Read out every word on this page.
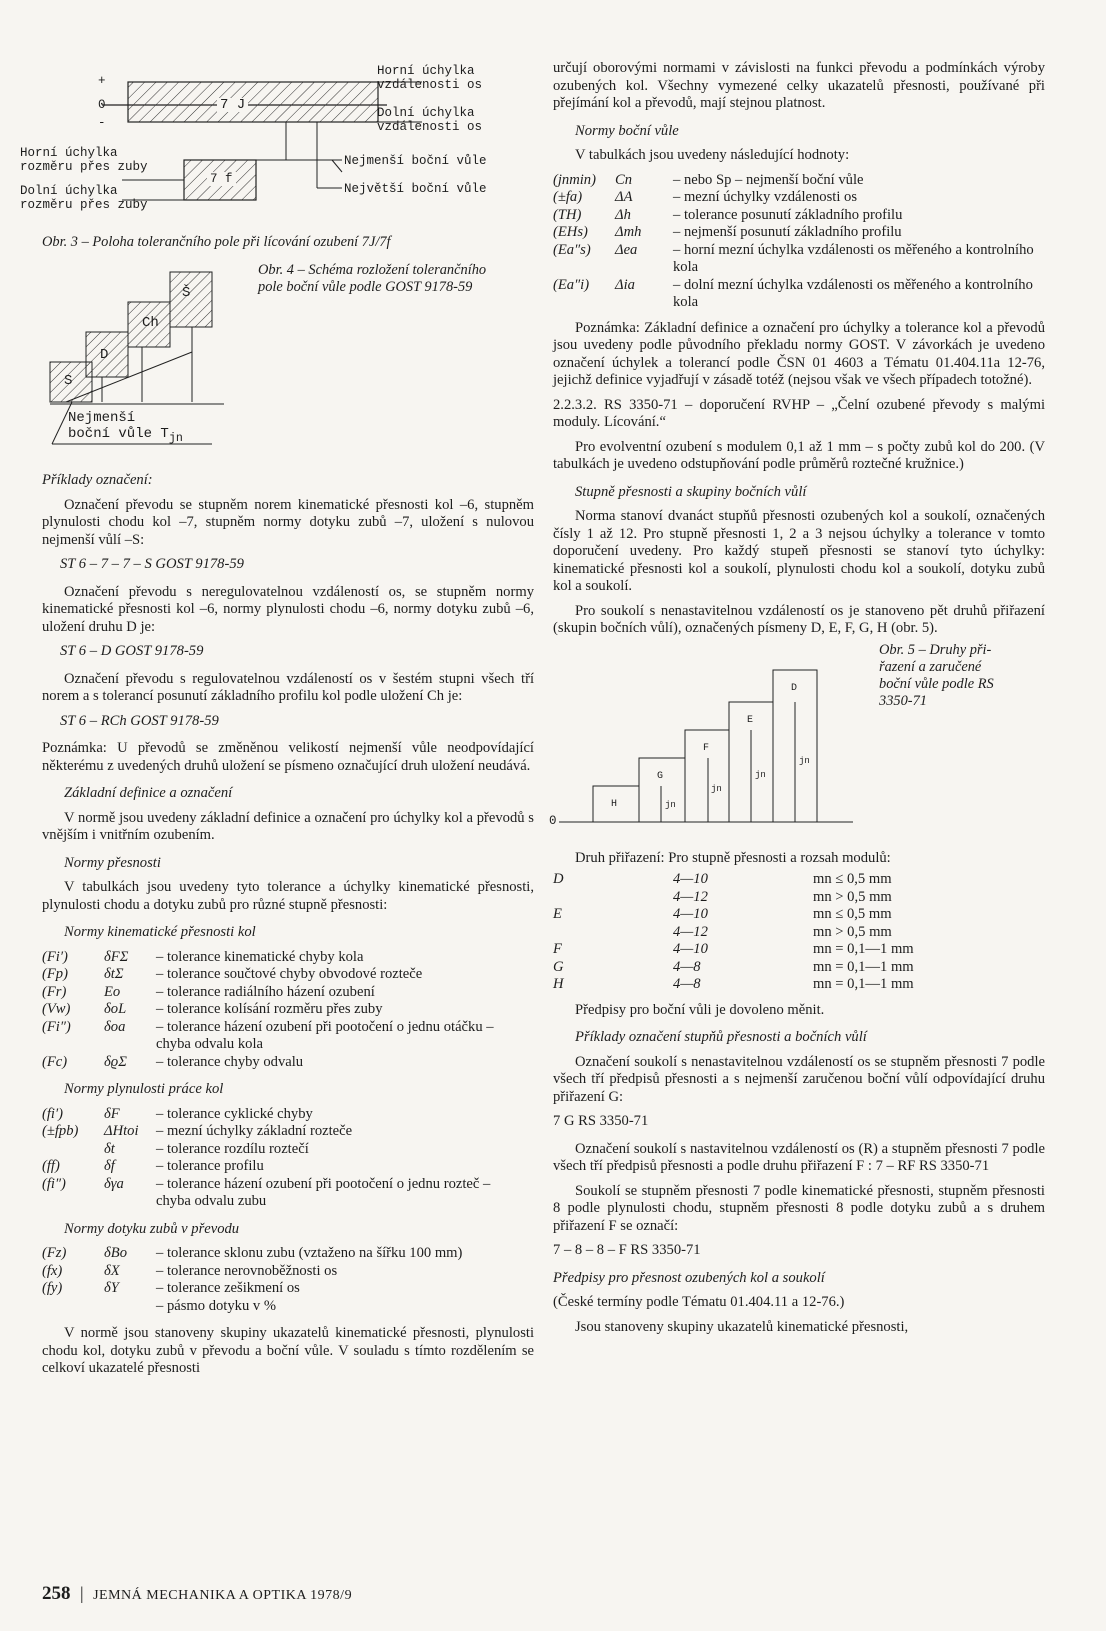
+
0
-
7 J
7 f
Horní úchylka
vzdálenosti os
Dolní úchylka
vzdálenosti os
Horní úchylka
rozměru přes zuby
Dolní úchylka
rozměru přes zuby
Nejmenší boční vůle
Největší boční vůle
Obr. 3 – Poloha tolerančního pole při lícování ozubení 7J/7f
S
D
Ch
Š
Nejmenší
boční vůle $T_{jn}$
Obr. 4 – Schéma rozložení tolerančního pole boční vůle podle GOST 9178-59

Příklady označení:

Označení převodu se stupněm norem kinematické přesnosti kol –6, stupněm plynulosti chodu kol –7, stupněm normy dotyku zubů –7, uložení s nulovou nejmenší vůlí –S:

ST 6 – 7 – 7 – S GOST 9178-59

Označení převodu s neregulovatelnou vzdáleností os, se stupněm normy kinematické přesnosti kol –6, normy plynulosti chodu –6, normy dotyku zubů –6, uložení druhu D je:

ST 6 – D GOST 9178-59

Označení převodu s regulovatelnou vzdáleností os v šestém stupni všech tří norem a s tolerancí posunutí základního profilu kol podle uložení Ch je:

ST 6 – RCh GOST 9178-59

Poznámka: U převodů se změněnou velikostí nejmenší vůle neodpovídající některému z uvedených druhů uložení se písmeno označující druh uložení neudává.

Základní definice a označení

V normě jsou uvedeny základní definice a označení pro úchylky kol a převodů s vnějším i vnitřním ozubením.

Normy přesnosti

V tabulkách jsou uvedeny tyto tolerance a úchylky kinematické přesnosti, plynulosti chodu a dotyku zubů pro různé stupně přesnosti:

Normy kinematické přesnosti kol
(Fi′)	δFΣ	– tolerance kinematické chyby kola
(Fp)	δtΣ	– tolerance součtové chyby obvodové rozteče
(Fr)	Eo	– tolerance radiálního házení ozubení
(Vw)	δoL	– tolerance kolísání rozměru přes zuby
(Fi″)	δoa	– tolerance házení ozubení při pootočení o jednu otáčku – chyba odvalu kola
(Fc)	δϱΣ	– tolerance chyby odvalu
Normy plynulosti práce kol
(fi′)	δF	– tolerance cyklické chyby
(±fpb)	ΔHtoi	– mezní úchylky základní rozteče
	δt	– tolerance rozdílu roztečí
(ff)	δf	– tolerance profilu
(fi″)	δγa	– tolerance házení ozubení při pootočení o jednu rozteč – chyba odvalu zubu
Normy dotyku zubů v převodu
(Fz)	δBo	– tolerance sklonu zubu (vztaženo na šířku 100 mm)
(fx)	δX	– tolerance nerovnoběžnosti os
(fy)	δY	– tolerance zešikmení os
		– pásmo dotyku v %

V normě jsou stanoveny skupiny ukazatelů kinematické přesnosti, plynulosti chodu kol, dotyku zubů v převodu a boční vůle. V souladu s tímto rozdělením se celkoví ukazatelé přesnosti

určují oborovými normami v závislosti na funkci převodu a podmínkách výroby ozubených kol. Všechny vymezené celky ukazatelů přesnosti, používané při přejímání kol a převodů, mají stejnou platnost.

Normy boční vůle

V tabulkách jsou uvedeny následující hodnoty:

(jnmin)	Cn	– nebo Sp – nejmenší boční vůle
(±fa)	ΔA	– mezní úchylky vzdálenosti os
(TH)	Δh	– tolerance posunutí základního profilu
(EHs)	Δmh	– nejmenší posunutí základního profilu
(Ea″s)	Δea	– horní mezní úchylka vzdálenosti os měřeného a kontrolního kola
(Ea″i)	Δia	– dolní mezní úchylka vzdálenosti os měřeného a kontrolního kola

Poznámka: Základní definice a označení pro úchylky a tolerance kol a převodů jsou uvedeny podle původního překladu normy GOST. V závorkách je uvedeno označení úchylek a tolerancí podle ČSN 01 4603 a Tématu 01.404.11a 12-76, jejichž definice vyjadřují v zásadě totéž (nejsou však ve všech případech totožné).

2.2.3.2. RS 3350-71 – doporučení RVHP – „Čelní ozubené převody s malými moduly. Lícování.“

Pro evolventní ozubení s modulem 0,1 až 1 mm – s počty zubů kol do 200. (V tabulkách je uvedeno odstupňování podle průměrů roztečné kružnice.)

Stupně přesnosti a skupiny bočních vůlí

Norma stanoví dvanáct stupňů přesnosti ozubených kol a soukolí, označených čísly 1 až 12. Pro stupně přesnosti 1, 2 a 3 nejsou úchylky a tolerance v tomto doporučení uvedeny. Pro každý stupeň přesnosti se stanoví tyto úchylky: kinematické přesnosti kol a soukolí, plynulosti chodu kol a soukolí, dotyku zubů kol a soukolí.

Pro soukolí s nenastavitelnou vzdáleností os je stanoveno pět druhů přiřazení (skupin bočních vůlí), označených písmeny D, E, F, G, H (obr. 5).

0
H
G
F
E
D
jn
jn
jn
jn
Obr. 5 – Druhy přiřazení a zaručené boční vůle podle RS 3350-71
Druh přiřazení: Pro stupně přesnosti a rozsah modulů:
D	4—10	mn ≤ 0,5 mm
	4—12	mn > 0,5 mm
E	4—10	mn ≤ 0,5 mm
	4—12	mn > 0,5 mm
F	4—10	mn = 0,1—1 mm
G	4—8	mn = 0,1—1 mm
H	4—8	mn = 0,1—1 mm

Předpisy pro boční vůli je dovoleno měnit.

Příklady označení stupňů přesnosti a bočních vůlí

Označení soukolí s nenastavitelnou vzdáleností os se stupněm přesnosti 7 podle všech tří předpisů přesnosti a s nejmenší zaručenou boční vůlí odpovídající druhu přiřazení G:

7 G RS 3350-71

Označení soukolí s nastavitelnou vzdáleností os (R) a stupněm přesnosti 7 podle všech tří předpisů přesnosti a podle druhu přiřazení F : 7 – RF RS 3350-71

Soukolí se stupněm přesnosti 7 podle kinematické přesnosti, stupněm přesnosti 8 podle plynulosti chodu, stupněm přesnosti 8 podle dotyku zubů a s druhem přiřazení F se označí:

7 – 8 – 8 – F RS 3350-71

Předpisy pro přesnost ozubených kol a soukolí

(České termíny podle Tématu 01.404.11 a 12-76.)

Jsou stanoveny skupiny ukazatelů kinematické přesnosti,

258 | JEMNÁ MECHANIKA A OPTIKA 1978/9
